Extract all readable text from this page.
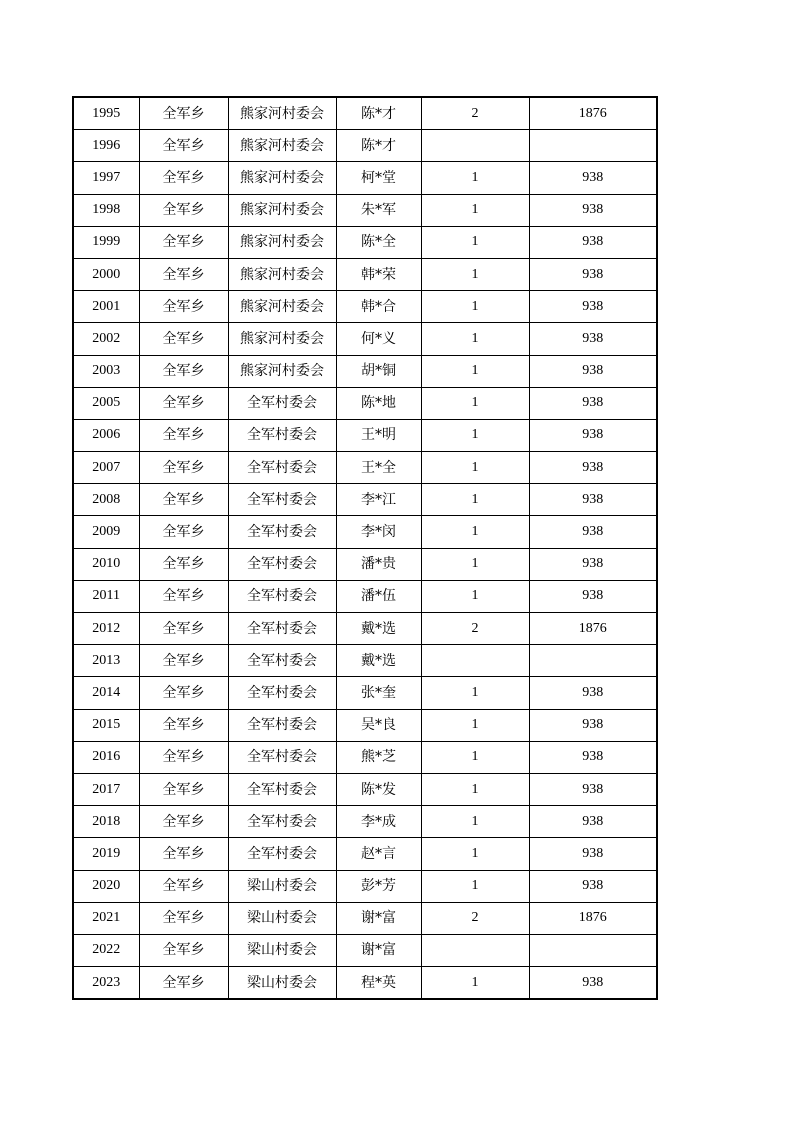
1995	全军乡	熊家河村委会	陈*才	2	1876
1996	全军乡	熊家河村委会	陈*才		
1997	全军乡	熊家河村委会	柯*堂	1	938
1998	全军乡	熊家河村委会	朱*军	1	938
1999	全军乡	熊家河村委会	陈*全	1	938
2000	全军乡	熊家河村委会	韩*荣	1	938
2001	全军乡	熊家河村委会	韩*合	1	938
2002	全军乡	熊家河村委会	何*义	1	938
2003	全军乡	熊家河村委会	胡*铜	1	938
2005	全军乡	全军村委会	陈*地	1	938
2006	全军乡	全军村委会	王*明	1	938
2007	全军乡	全军村委会	王*全	1	938
2008	全军乡	全军村委会	李*江	1	938
2009	全军乡	全军村委会	李*闵	1	938
2010	全军乡	全军村委会	潘*贵	1	938
2011	全军乡	全军村委会	潘*伍	1	938
2012	全军乡	全军村委会	戴*选	2	1876
2013	全军乡	全军村委会	戴*选		
2014	全军乡	全军村委会	张*奎	1	938
2015	全军乡	全军村委会	吴*良	1	938
2016	全军乡	全军村委会	熊*芝	1	938
2017	全军乡	全军村委会	陈*发	1	938
2018	全军乡	全军村委会	李*成	1	938
2019	全军乡	全军村委会	赵*言	1	938
2020	全军乡	梁山村委会	彭*芳	1	938
2021	全军乡	梁山村委会	谢*富	2	1876
2022	全军乡	梁山村委会	谢*富		
2023	全军乡	梁山村委会	程*英	1	938
